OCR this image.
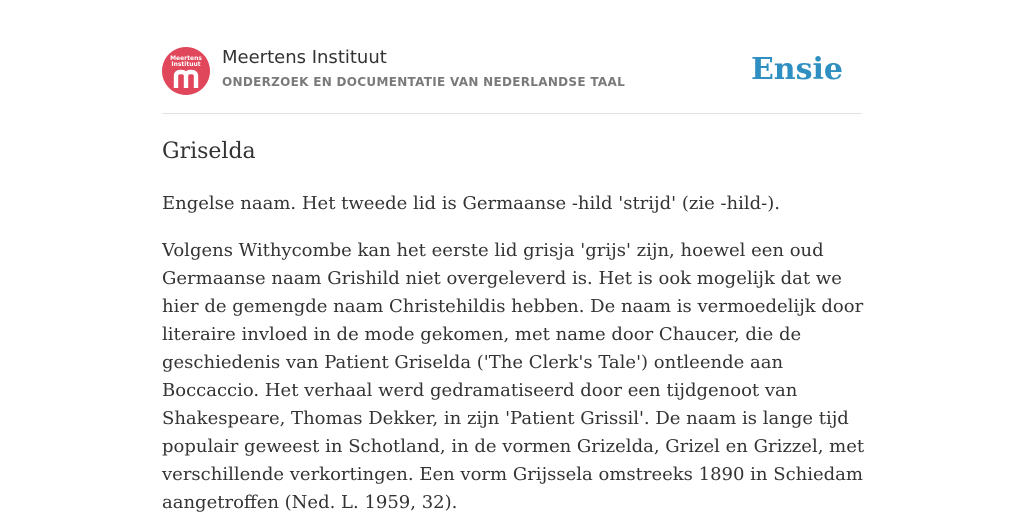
Meertens
Instituut	Meertens Instituut
ONDERZOEK EN DOCUMENTATIE VAN NEDERLANDSE TAAL	Ensie
Griselda

Engelse naam. Het tweede lid is Germaanse -hild 'strijd' (zie -hild-).

Volgens Withycombe kan het eerste lid grisja 'grijs' zijn, hoewel een oud Germaanse naam Grishild niet overgeleverd is. Het is ook mogelijk dat we hier de gemengde naam Christehildis hebben. De naam is vermoedelijk door literaire invloed in de mode gekomen, met name door Chaucer, die de geschiedenis van Patient Griselda ('The Clerk's Tale') ontleende aan Boccaccio. Het verhaal werd gedramatiseerd door een tijdgenoot van Shakespeare, Thomas Dekker, in zijn 'Patient Grissil'. De naam is lange tijd populair geweest in Schotland, in de vormen Grizelda, Grizel en Grizzel, met verschillende verkortingen. Een vorm Grijssela omstreeks 1890 in Schiedam aangetroffen (Ned. L. 1959, 32).
